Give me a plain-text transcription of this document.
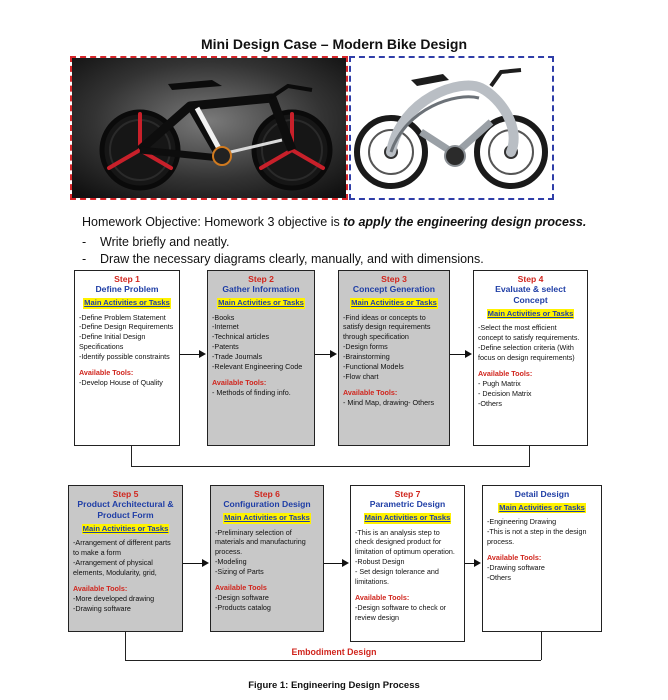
Mini Design Case – Modern Bike Design
Homework Objective: Homework 3 objective is to apply the engineering design process.
- Write briefly and neatly.
- Draw the necessary diagrams clearly, manually, and with dimensions.
Step 1
Define Problem
Main Activities or Tasks
-Define Problem Statement
-Define Design Requirements
-Define Initial Design Specifications
-Identify possible constraints
Available Tools:
-Develop House of Quality
Step 2
Gather Information
Main Activities or Tasks
-Books
-Internet
-Technical articles
-Patents
-Trade Journals
-Relevant Engineering Code
Available Tools:
- Methods of finding info.
Step 3
Concept Generation
Main Activities or Tasks
-Find ideas or concepts to satisfy design requirements through specification
-Design forms
-Brainstorming
-Functional Models
-Flow chart
Available Tools:
- Mind Map, drawing- Others
Step 4
Evaluate & select Concept
Main Activities or Tasks
-Select the most efficient concept to satisfy requirements.
-Define selection criteria (With focus on design requirements)
Available Tools:
- Pugh Matrix
- Decision Matrix
-Others
Step 5
Product Architectural & Product Form
Main Activities or Tasks
-Arrangement of different parts to make a form
-Arrangement of physical elements, Modularity, grid,
Available Tools:
-More developed drawing
-Drawing software
Step 6
Configuration Design
Main Activities or Tasks
-Preliminary selection of materials and manufacturing process.
-Modeling
-Sizing of Parts
Available Tools
-Design software
-Products catalog
Step 7
Parametric Design
Main Activities or Tasks
-This is an analysis step to check designed product for limitation of optimum operation.
-Robust Design
- Set design tolerance and limitations.
Available Tools:
-Design software to check or review design
Detail Design
Main Activities or Tasks
-Engineering Drawing
-This is not a step in the design process.
Available Tools:
-Drawing software
-Others
Embodiment Design
Figure 1: Engineering Design Process
